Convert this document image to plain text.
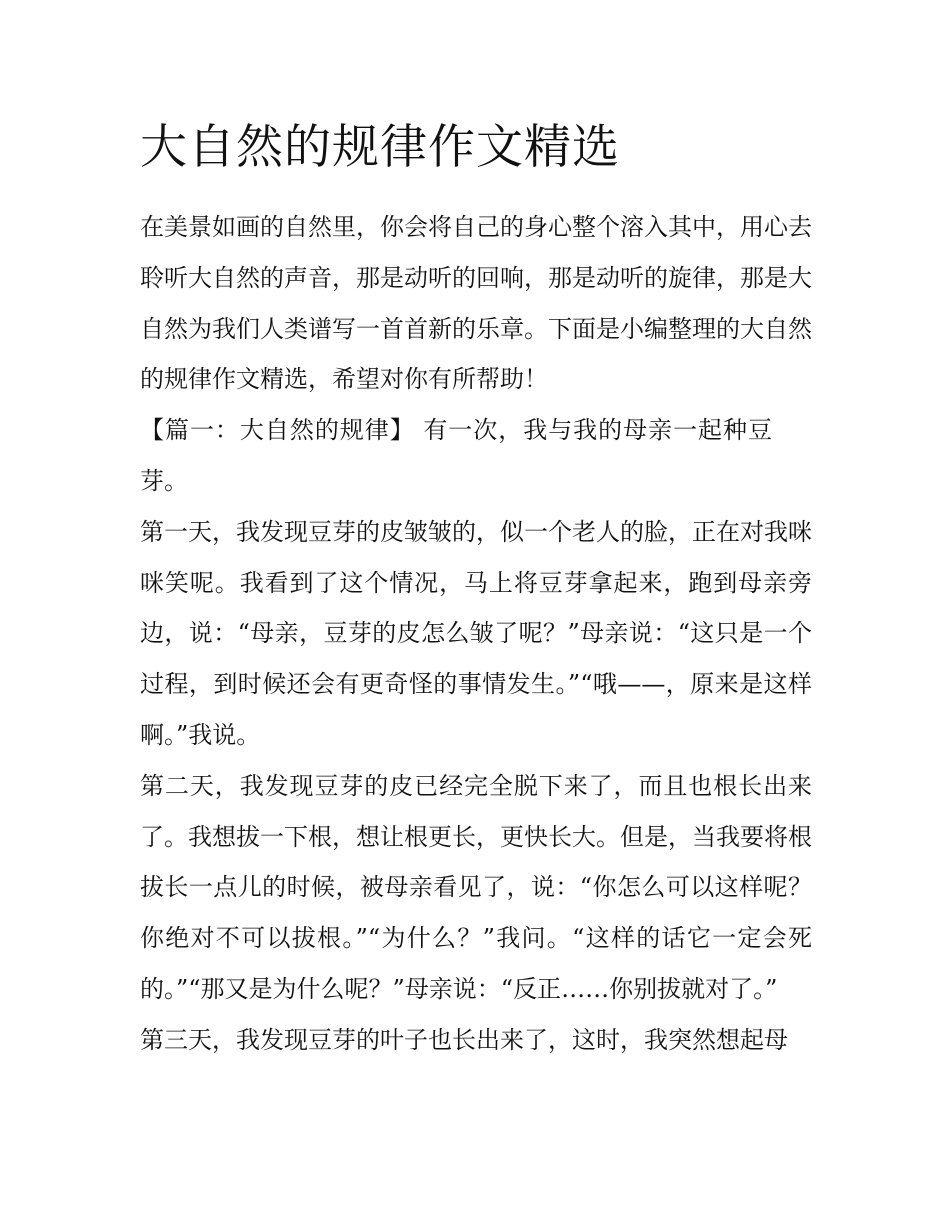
大自然的规律作文精选

在美景如画的自然里，你会将自己的身心整个溶入其中，用心去聆听大自然的声音，那是动听的回响，那是动听的旋律，那是大自然为我们人类谱写一首首新的乐章。下面是小编整理的大自然的规律作文精选，希望对你有所帮助！

【篇一：大自然的规律】 有一次，我与我的母亲一起种豆芽。

第一天，我发现豆芽的皮皱皱的，似一个老人的脸，正在对我咪咪笑呢。我看到了这个情况，马上将豆芽拿起来，跑到母亲旁边，说：“母亲，豆芽的皮怎么皱了呢？”母亲说：“这只是一个过程，到时候还会有更奇怪的事情发生。”“哦——，原来是这样啊。”我说。

第二天，我发现豆芽的皮已经完全脱下来了，而且也根长出来了。我想拔一下根，想让根更长，更快长大。但是，当我要将根拔长一点儿的时候，被母亲看见了，说：“你怎么可以这样呢？你绝对不可以拔根。”“为什么？”我问。“这样的话它一定会死的。”“那又是为什么呢？”母亲说：“反正……你别拔就对了。”

第三天，我发现豆芽的叶子也长出来了，这时，我突然想起母
